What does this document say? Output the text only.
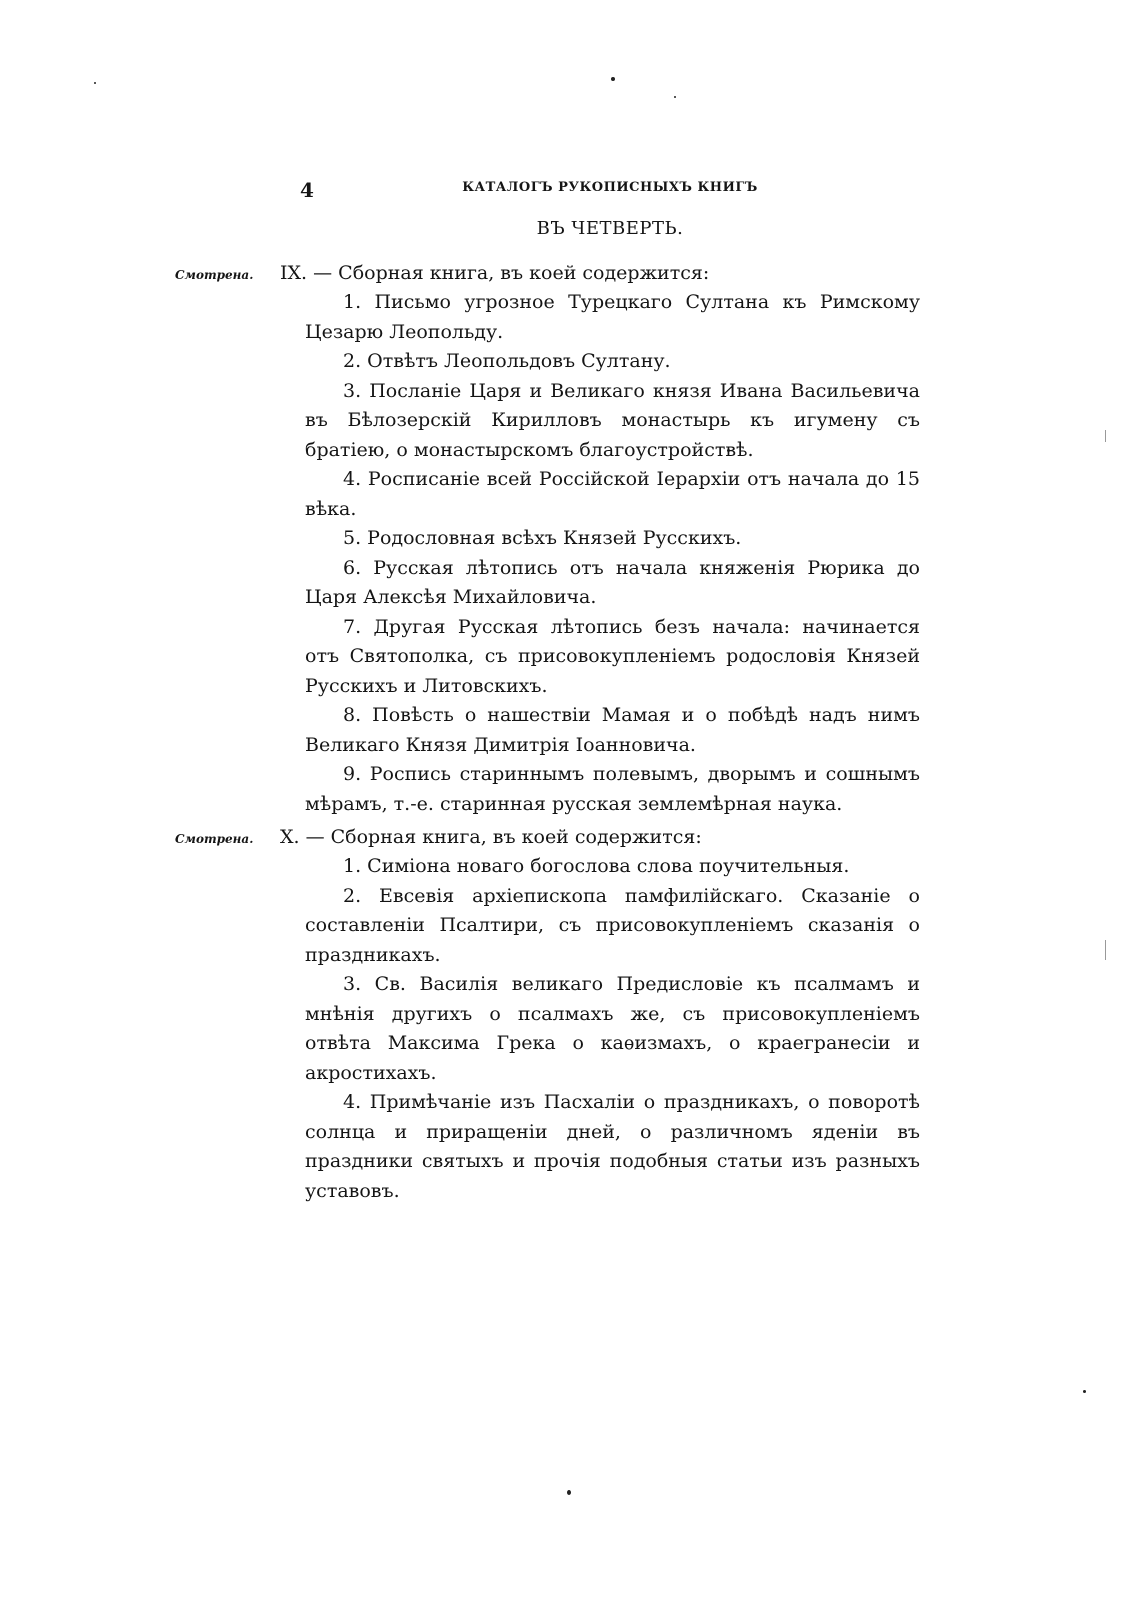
4	КАТАЛОГЪ РУКОПИСНЫХЪ КНИГЪ
ВЪ ЧЕТВЕРТЬ.
Смотрена. IX. — Сборная книга, въ коей содержится:
1. Письмо угрозное Турецкаго Султана къ Римскому Цезарю Леопольду.
2. Отвѣтъ Леопольдовъ Султану.
3. Посланіе Царя и Великаго князя Ивана Васильевича въ Бѣлозерскій Кирилловъ монастырь къ игумену съ братіею, о монастырскомъ благоустройствѣ.
4. Росписаніе всей Россійской Іерархіи отъ начала до 15 вѣка.
5. Родословная всѣхъ Князей Русскихъ.
6. Русская лѣтопись отъ начала княженія Рюрика до Царя Алексѣя Михайловича.
7. Другая Русская лѣтопись безъ начала: начинается отъ Святополка, съ присовокупленіемъ родословія Князей Русскихъ и Литовскихъ.
8. Повѣсть о нашествіи Мамая и о побѣдѣ надъ нимъ Великаго Князя Димитрія Іоанновича.
9. Роспись стариннымъ полевымъ, дворымъ и сошнымъ мѣрамъ, т.-е. старинная русская землемѣрная наука.
Смотрена. X. — Сборная книга, въ коей содержится:
1. Симіона новаго богослова слова поучительныя.
2. Евсевія архіепископа памфилійскаго. Сказаніе о составленіи Псалтири, съ присовокупленіемъ сказанія о праздникахъ.
3. Св. Василія великаго Предисловіе къ псалмамъ и мнѣнія другихъ о псалмахъ же, съ присовокупленіемъ отвѣта Максима Грека о каѳизмахъ, о краегранесіи и акростихахъ.
4. Примѣчаніе изъ Пасхаліи о праздникахъ, о поворотѣ солнца и приращеніи дней, о различномъ яденіи въ праздники святыхъ и прочія подобныя статьи изъ разныхъ уставовъ.
